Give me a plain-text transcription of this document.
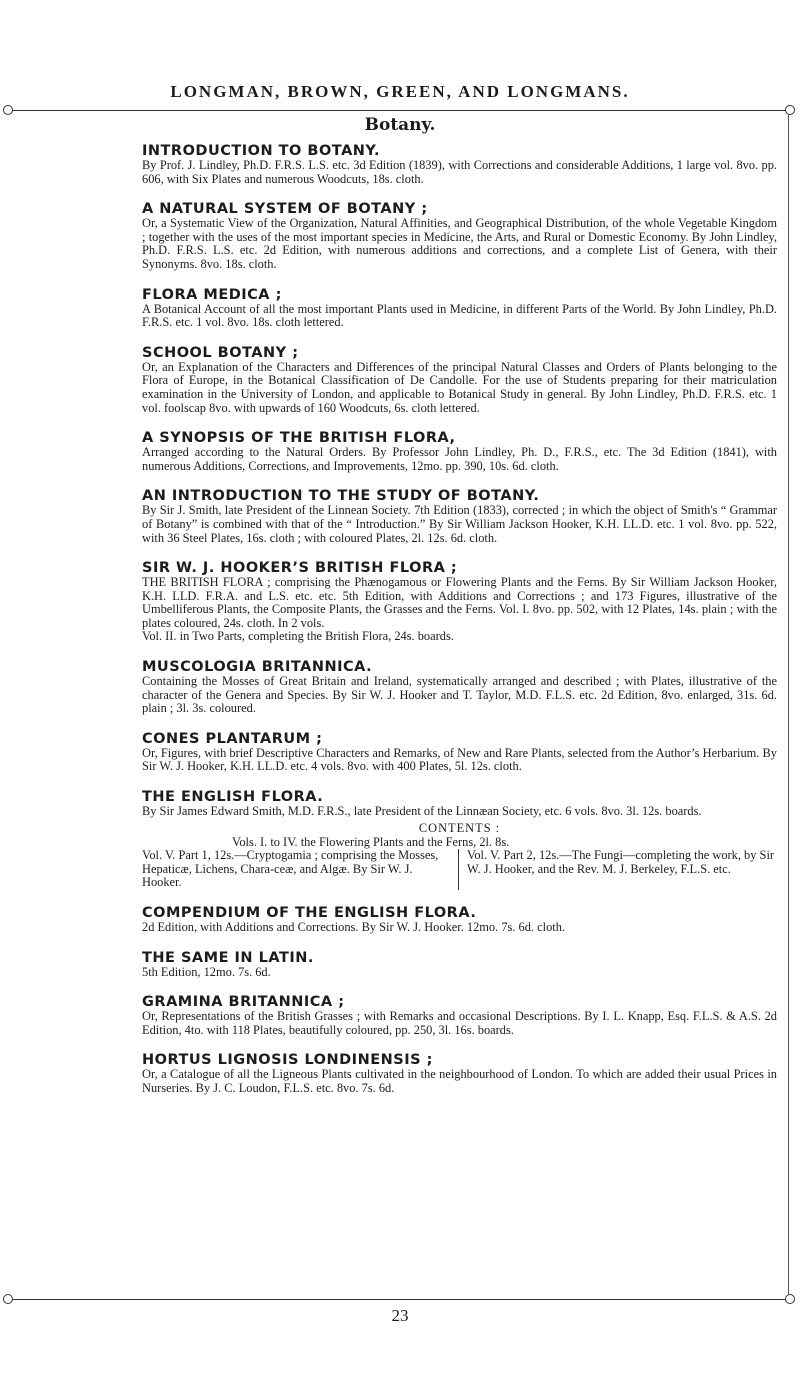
LONGMAN, BROWN, GREEN, AND LONGMANS.
Botany.
INTRODUCTION TO BOTANY.
By Prof. J. Lindley, Ph.D. F.R.S. L.S. etc. 3d Edition (1839), with Corrections and considerable Additions, 1 large vol. 8vo. pp. 606, with Six Plates and numerous Woodcuts, 18s. cloth.
A NATURAL SYSTEM OF BOTANY ;
Or, a Systematic View of the Organization, Natural Affinities, and Geographical Distribution, of the whole Vegetable Kingdom ; together with the uses of the most important species in Medicine, the Arts, and Rural or Domestic Economy. By John Lindley, Ph.D. F.R.S. L.S. etc. 2d Edition, with numerous additions and corrections, and a complete List of Genera, with their Synonyms. 8vo. 18s. cloth.
FLORA MEDICA ;
A Botanical Account of all the most important Plants used in Medicine, in different Parts of the World. By John Lindley, Ph.D. F.R.S. etc. 1 vol. 8vo. 18s. cloth lettered.
SCHOOL BOTANY ;
Or, an Explanation of the Characters and Differences of the principal Natural Classes and Orders of Plants belonging to the Flora of Europe, in the Botanical Classification of De Candolle. For the use of Students preparing for their matriculation examination in the University of London, and applicable to Botanical Study in general. By John Lindley, Ph.D. F.R.S. etc. 1 vol. foolscap 8vo. with upwards of 160 Woodcuts, 6s. cloth lettered.
A SYNOPSIS OF THE BRITISH FLORA,
Arranged according to the Natural Orders. By Professor John Lindley, Ph. D., F.R.S., etc. The 3d Edition (1841), with numerous Additions, Corrections, and Improvements, 12mo. pp. 390, 10s. 6d. cloth.
AN INTRODUCTION TO THE STUDY OF BOTANY.
By Sir J. Smith, late President of the Linnean Society. 7th Edition (1833), corrected ; in which the object of Smith's “ Grammar of Botany” is combined with that of the “ Introduction.” By Sir William Jackson Hooker, K.H. LL.D. etc. 1 vol. 8vo. pp. 522, with 36 Steel Plates, 16s. cloth ; with coloured Plates, 2l. 12s. 6d. cloth.
SIR W. J. HOOKER’S BRITISH FLORA ;
THE BRITISH FLORA ; comprising the Phænogamous or Flowering Plants and the Ferns. By Sir William Jackson Hooker, K.H. LLD. F.R.A. and L.S. etc. etc. 5th Edition, with Additions and Corrections ; and 173 Figures, illustrative of the Umbelliferous Plants, the Composite Plants, the Grasses and the Ferns. Vol. I. 8vo. pp. 502, with 12 Plates, 14s. plain ; with the plates coloured, 24s. cloth. In 2 vols.
Vol. II. in Two Parts, completing the British Flora, 24s. boards.
MUSCOLOGIA BRITANNICA.
Containing the Mosses of Great Britain and Ireland, systematically arranged and described ; with Plates, illustrative of the character of the Genera and Species. By Sir W. J. Hooker and T. Taylor, M.D. F.L.S. etc. 2d Edition, 8vo. enlarged, 31s. 6d. plain ; 3l. 3s. coloured.
CONES PLANTARUM ;
Or, Figures, with brief Descriptive Characters and Remarks, of New and Rare Plants, selected from the Author’s Herbarium. By Sir W. J. Hooker, K.H. LL.D. etc. 4 vols. 8vo. with 400 Plates, 5l. 12s. cloth.
THE ENGLISH FLORA.
By Sir James Edward Smith, M.D. F.R.S., late President of the Linnæan Society, etc. 6 vols. 8vo. 3l. 12s. boards.
CONTENTS :
Vols. I. to IV. the Flowering Plants and the Ferns, 2l. 8s.
Vol. V. Part 1, 12s.—Cryptogamia ; comprising the Mosses, Hepaticæ, Lichens, Chara-ceæ, and Algæ. By Sir W. J. Hooker.
Vol. V. Part 2, 12s.—The Fungi—completing the work, by Sir W. J. Hooker, and the Rev. M. J. Berkeley, F.L.S. etc.
COMPENDIUM OF THE ENGLISH FLORA.
2d Edition, with Additions and Corrections. By Sir W. J. Hooker. 12mo. 7s. 6d. cloth.
THE SAME IN LATIN.
5th Edition, 12mo. 7s. 6d.
GRAMINA BRITANNICA ;
Or, Representations of the British Grasses ; with Remarks and occasional Descriptions. By I. L. Knapp, Esq. F.L.S. & A.S. 2d Edition, 4to. with 118 Plates, beautifully coloured, pp. 250, 3l. 16s. boards.
HORTUS LIGNOSIS LONDINENSIS ;
Or, a Catalogue of all the Ligneous Plants cultivated in the neighbourhood of London. To which are added their usual Prices in Nurseries. By J. C. Loudon, F.L.S. etc. 8vo. 7s. 6d.
23
